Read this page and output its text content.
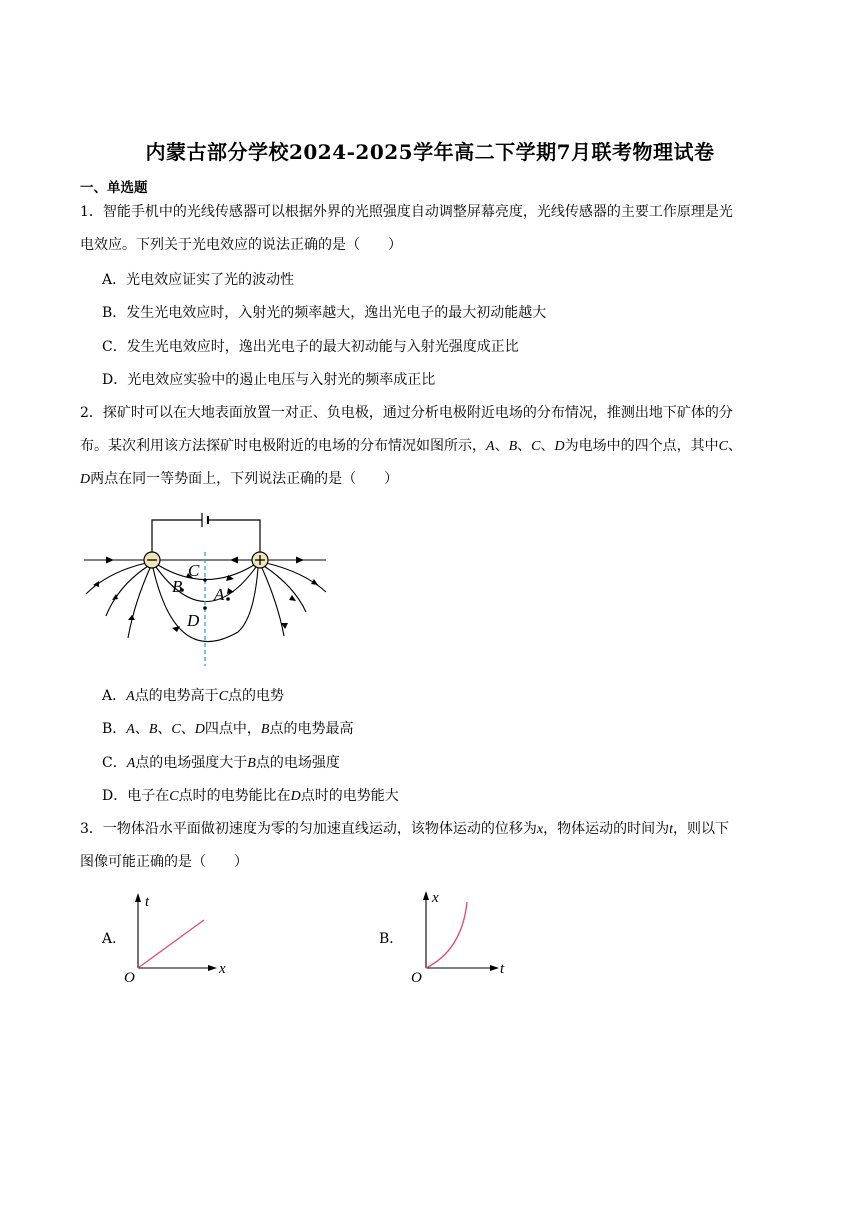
内蒙古部分学校2024-2025学年高二下学期7月联考物理试卷
一、单选题
1．智能手机中的光线传感器可以根据外界的光照强度自动调整屏幕亮度，光线传感器的主要工作原理是光
电效应。下列关于光电效应的说法正确的是（　　）
A．光电效应证实了光的波动性
B．发生光电效应时，入射光的频率越大，逸出光电子的最大初动能越大
C．发生光电效应时，逸出光电子的最大初动能与入射光强度成正比
D．光电效应实验中的遏止电压与入射光的频率成正比
2．探矿时可以在大地表面放置一对正、负电极，通过分析电极附近电场的分布情况，推测出地下矿体的分
布。某次利用该方法探矿时电极附近的电场的分布情况如图所示，A、B、C、D为电场中的四个点，其中C、
D两点在同一等势面上，下列说法正确的是（　　）
C
B A
D
A．A点的电势高于C点的电势
B．A、B、C、D四点中，B点的电势最高
C．A点的电场强度大于B点的电场强度
D．电子在C点时的电势能比在D点时的电势能大
3．一物体沿水平面做初速度为零的匀加速直线运动，该物体运动的位移为x，物体运动的时间为t，则以下
图像可能正确的是（　　）
A．
t
x
O
B．
x
t
O
